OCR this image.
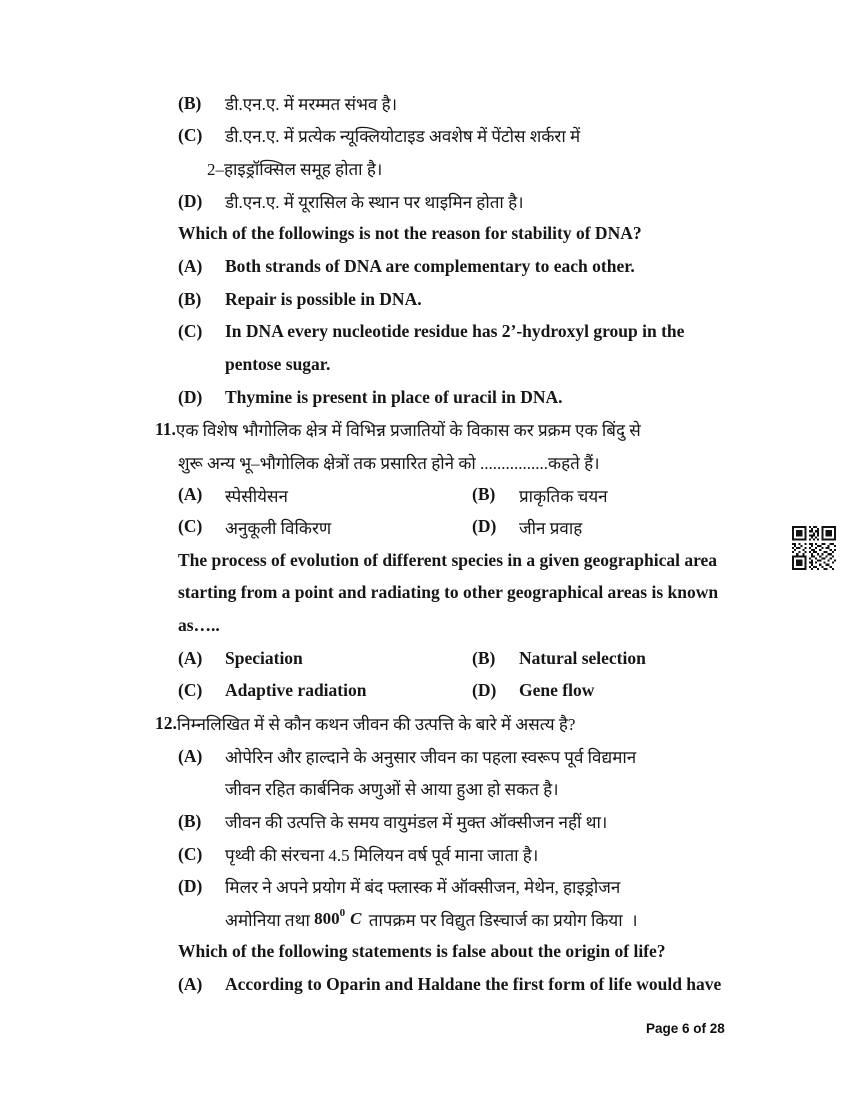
(B)	डी.एन.ए. में मरम्मत संभव है।
(C)	डी.एन.ए. में प्रत्येक न्यूक्लियोटाइड अवशेष में पेंटोस शर्करा में
2–हाइड्रॉक्सिल समूह होता है।
(D)	डी.एन.ए. में यूरासिल के स्थान पर थाइमिन होता है।
Which of the followings is not the reason for stability of DNA?
(A)	Both strands of DNA are complementary to each other.
(B)	Repair is possible in DNA.
(C)	In DNA every nucleotide residue has 2’-hydroxyl group in the
pentose sugar.
(D)	Thymine is present in place of uracil in DNA.
11. एक विशेष भौगोलिक क्षेत्र में विभिन्न प्रजातियों के विकास कर प्रक्रम एक बिंदु से
शुरू अन्य भू–भौगोलिक क्षेत्रों तक प्रसारित होने को ................कहते हैं।
(A)	स्पेसीयेसन	(B)	प्राकृतिक चयन
(C)	अनुकूली विकिरण	(D)	जीन प्रवाह
The process of evolution of different species in a given geographical area
starting from a point and radiating to other geographical areas is known
as…..
(A)	Speciation	(B)	Natural selection
(C)	Adaptive radiation	(D)	Gene flow
12. निम्नलिखित में से कौन कथन जीवन की उत्पत्ति के बारे में असत्य है?
(A)	ओपेरिन और हाल्दाने के अनुसार जीवन का पहला स्वरूप पूर्व विद्यमान
जीवन रहित कार्बनिक अणुओं से आया हुआ हो सकत है।
(B)	जीवन की उत्पत्ति के समय वायुमंडल में मुक्त ऑक्सीजन नहीं था।
(C)	पृथ्वी की संरचना 4.5 मिलियन वर्ष पूर्व माना जाता है।
(D)	मिलर ने अपने प्रयोग में बंद फ्लास्क में ऑक्सीजन, मेथेन, हाइड्रोजन
अमोनिया तथा $800^0$ C तापक्रम पर विद्युत डिस्चार्ज का प्रयोग किया  ।
Which of the following statements is false about the origin of life?
(A)	According to Oparin and Haldane the first form of life would have
Page 6 of 28
